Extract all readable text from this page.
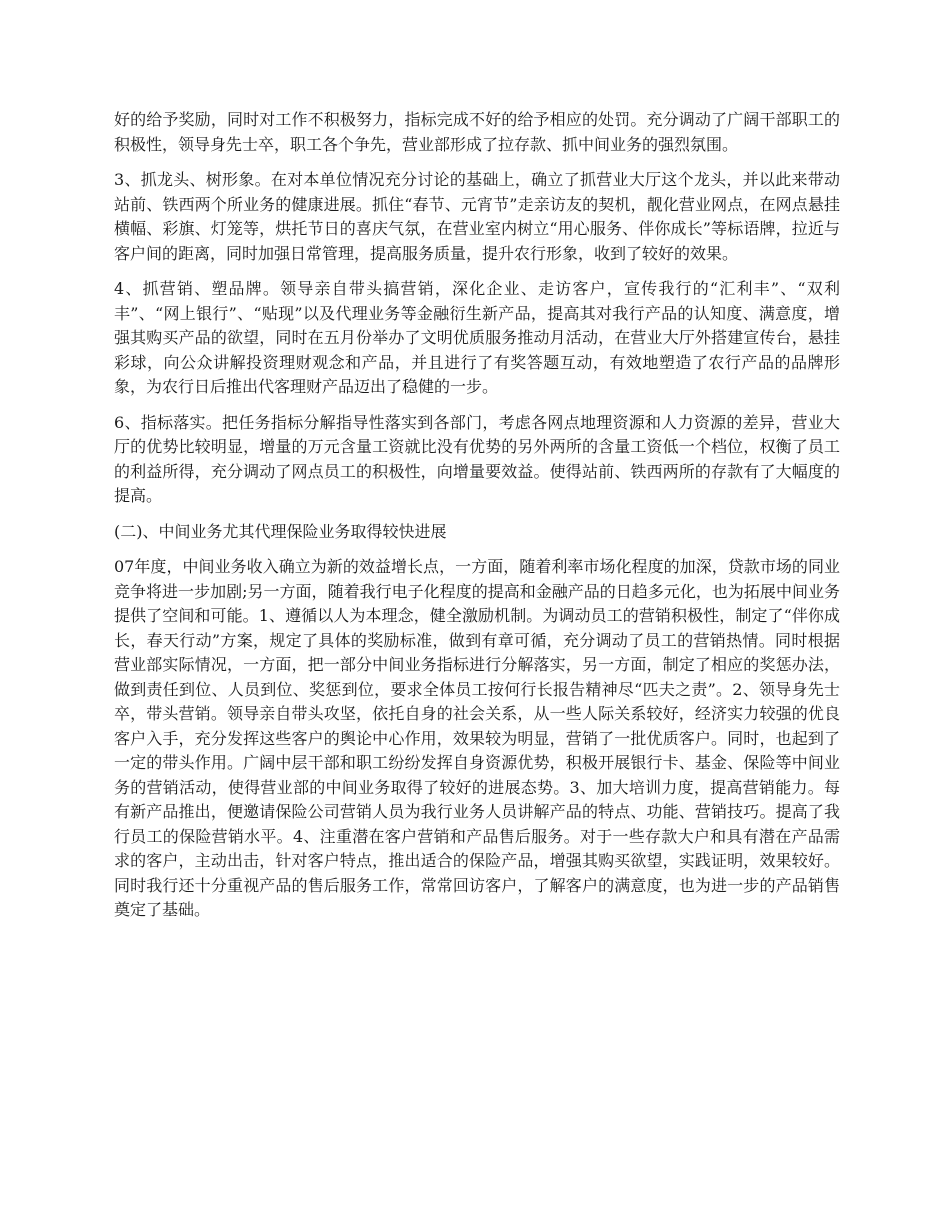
好的给予奖励，同时对工作不积极努力，指标完成不好的给予相应的处罚。充分调动了广阔干部职工的积极性，领导身先士卒，职工各个争先，营业部形成了拉存款、抓中间业务的强烈氛围。

3、抓龙头、树形象。在对本单位情况充分讨论的基础上，确立了抓营业大厅这个龙头，并以此来带动站前、铁西两个所业务的健康进展。抓住“春节、元宵节”走亲访友的契机，靓化营业网点，在网点悬挂横幅、彩旗、灯笼等，烘托节日的喜庆气氛，在营业室内树立“用心服务、伴你成长”等标语牌，拉近与客户间的距离，同时加强日常管理，提高服务质量，提升农行形象，收到了较好的效果。

4、抓营销、塑品牌。领导亲自带头搞营销，深化企业、走访客户，宣传我行的“汇利丰”、“双利丰”、“网上银行”、“贴现”以及代理业务等金融衍生新产品，提高其对我行产品的认知度、满意度，增强其购买产品的欲望，同时在五月份举办了文明优质服务推动月活动，在营业大厅外搭建宣传台，悬挂彩球，向公众讲解投资理财观念和产品，并且进行了有奖答题互动，有效地塑造了农行产品的品牌形象，为农行日后推出代客理财产品迈出了稳健的一步。

6、指标落实。把任务指标分解指导性落实到各部门，考虑各网点地理资源和人力资源的差异，营业大厅的优势比较明显，增量的万元含量工资就比没有优势的另外两所的含量工资低一个档位，权衡了员工的利益所得，充分调动了网点员工的积极性，向增量要效益。使得站前、铁西两所的存款有了大幅度的提高。

(二)、中间业务尤其代理保险业务取得较快进展

07年度，中间业务收入确立为新的效益增长点，一方面，随着利率市场化程度的加深，贷款市场的同业竞争将进一步加剧;另一方面，随着我行电子化程度的提高和金融产品的日趋多元化，也为拓展中间业务提供了空间和可能。1、遵循以人为本理念，健全激励机制。为调动员工的营销积极性，制定了“伴你成长，春天行动”方案，规定了具体的奖励标准，做到有章可循，充分调动了员工的营销热情。同时根据营业部实际情况，一方面，把一部分中间业务指标进行分解落实，另一方面，制定了相应的奖惩办法，做到责任到位、人员到位、奖惩到位，要求全体员工按何行长报告精神尽“匹夫之责”。2、领导身先士卒，带头营销。领导亲自带头攻坚，依托自身的社会关系，从一些人际关系较好，经济实力较强的优良客户入手，充分发挥这些客户的舆论中心作用，效果较为明显，营销了一批优质客户。同时，也起到了一定的带头作用。广阔中层干部和职工纷纷发挥自身资源优势，积极开展银行卡、基金、保险等中间业务的营销活动，使得营业部的中间业务取得了较好的进展态势。3、加大培训力度，提高营销能力。每有新产品推出，便邀请保险公司营销人员为我行业务人员讲解产品的特点、功能、营销技巧。提高了我行员工的保险营销水平。4、注重潜在客户营销和产品售后服务。对于一些存款大户和具有潜在产品需求的客户，主动出击，针对客户特点，推出适合的保险产品，增强其购买欲望，实践证明，效果较好。同时我行还十分重视产品的售后服务工作，常常回访客户，了解客户的满意度，也为进一步的产品销售奠定了基础。
